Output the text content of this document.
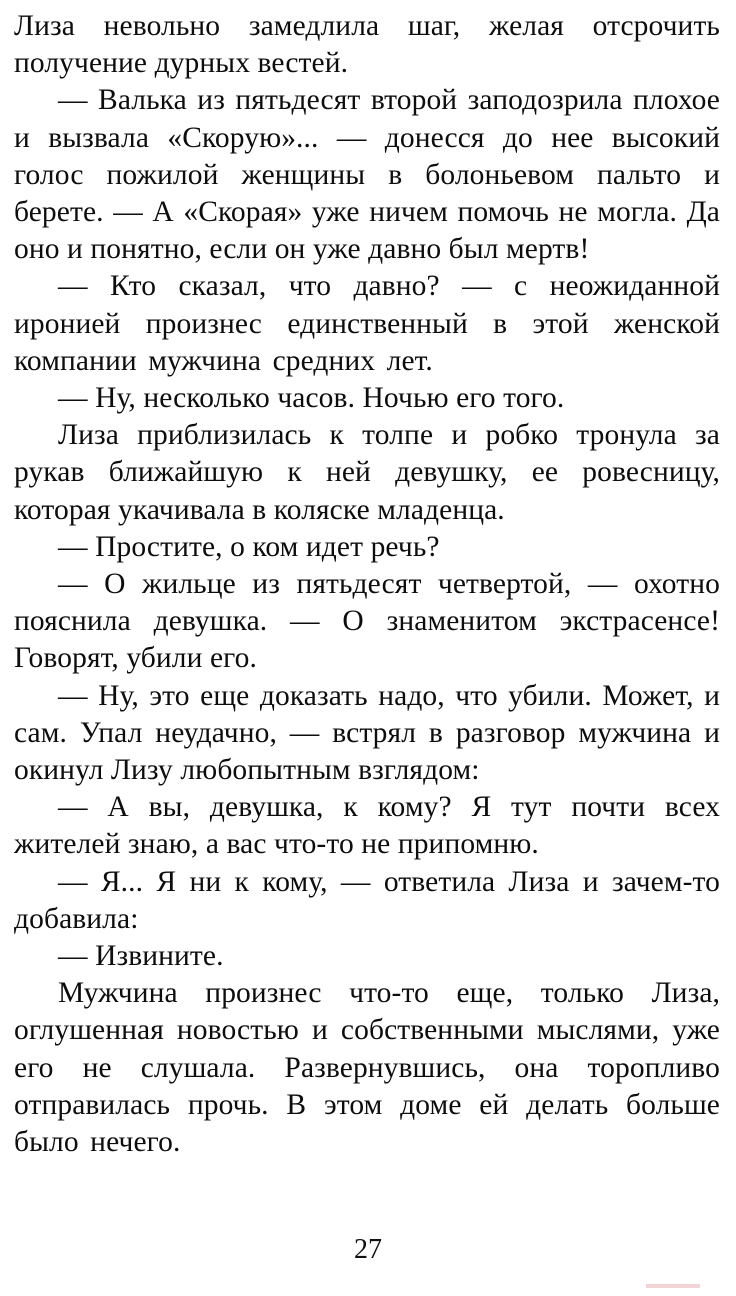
Лиза невольно замедлила шаг, желая отсрочить получение дурных вестей.

— Валька из пятьдесят второй заподозрила плохое и вызвала «Скорую»... — донесся до нее высокий голос пожилой женщины в болоньевом пальто и берете. — А «Скорая» уже ничем помочь не могла. Да оно и понятно, если он уже давно был мертв!

— Кто сказал, что давно? — с неожиданной иронией произнес единственный в этой женской компании мужчина средних лет.

— Ну, несколько часов. Ночью его того.

Лиза приблизилась к толпе и робко тронула за рукав ближайшую к ней девушку, ее ровесницу, которая укачивала в коляске младенца.

— Простите, о ком идет речь?

— О жильце из пятьдесят четвертой, — охотно пояснила девушка. — О знаменитом экстрасенсе! Говорят, убили его.

— Ну, это еще доказать надо, что убили. Может, и сам. Упал неудачно, — встрял в разговор мужчина и окинул Лизу любопытным взглядом:

— А вы, девушка, к кому? Я тут почти всех жителей знаю, а вас что-то не припомню.

— Я... Я ни к кому, — ответила Лиза и зачем-то добавила:

— Извините.

Мужчина произнес что-то еще, только Лиза, оглушенная новостью и собственными мыслями, уже его не слушала. Развернувшись, она торопливо отправилась прочь. В этом доме ей делать больше было нечего.

27
